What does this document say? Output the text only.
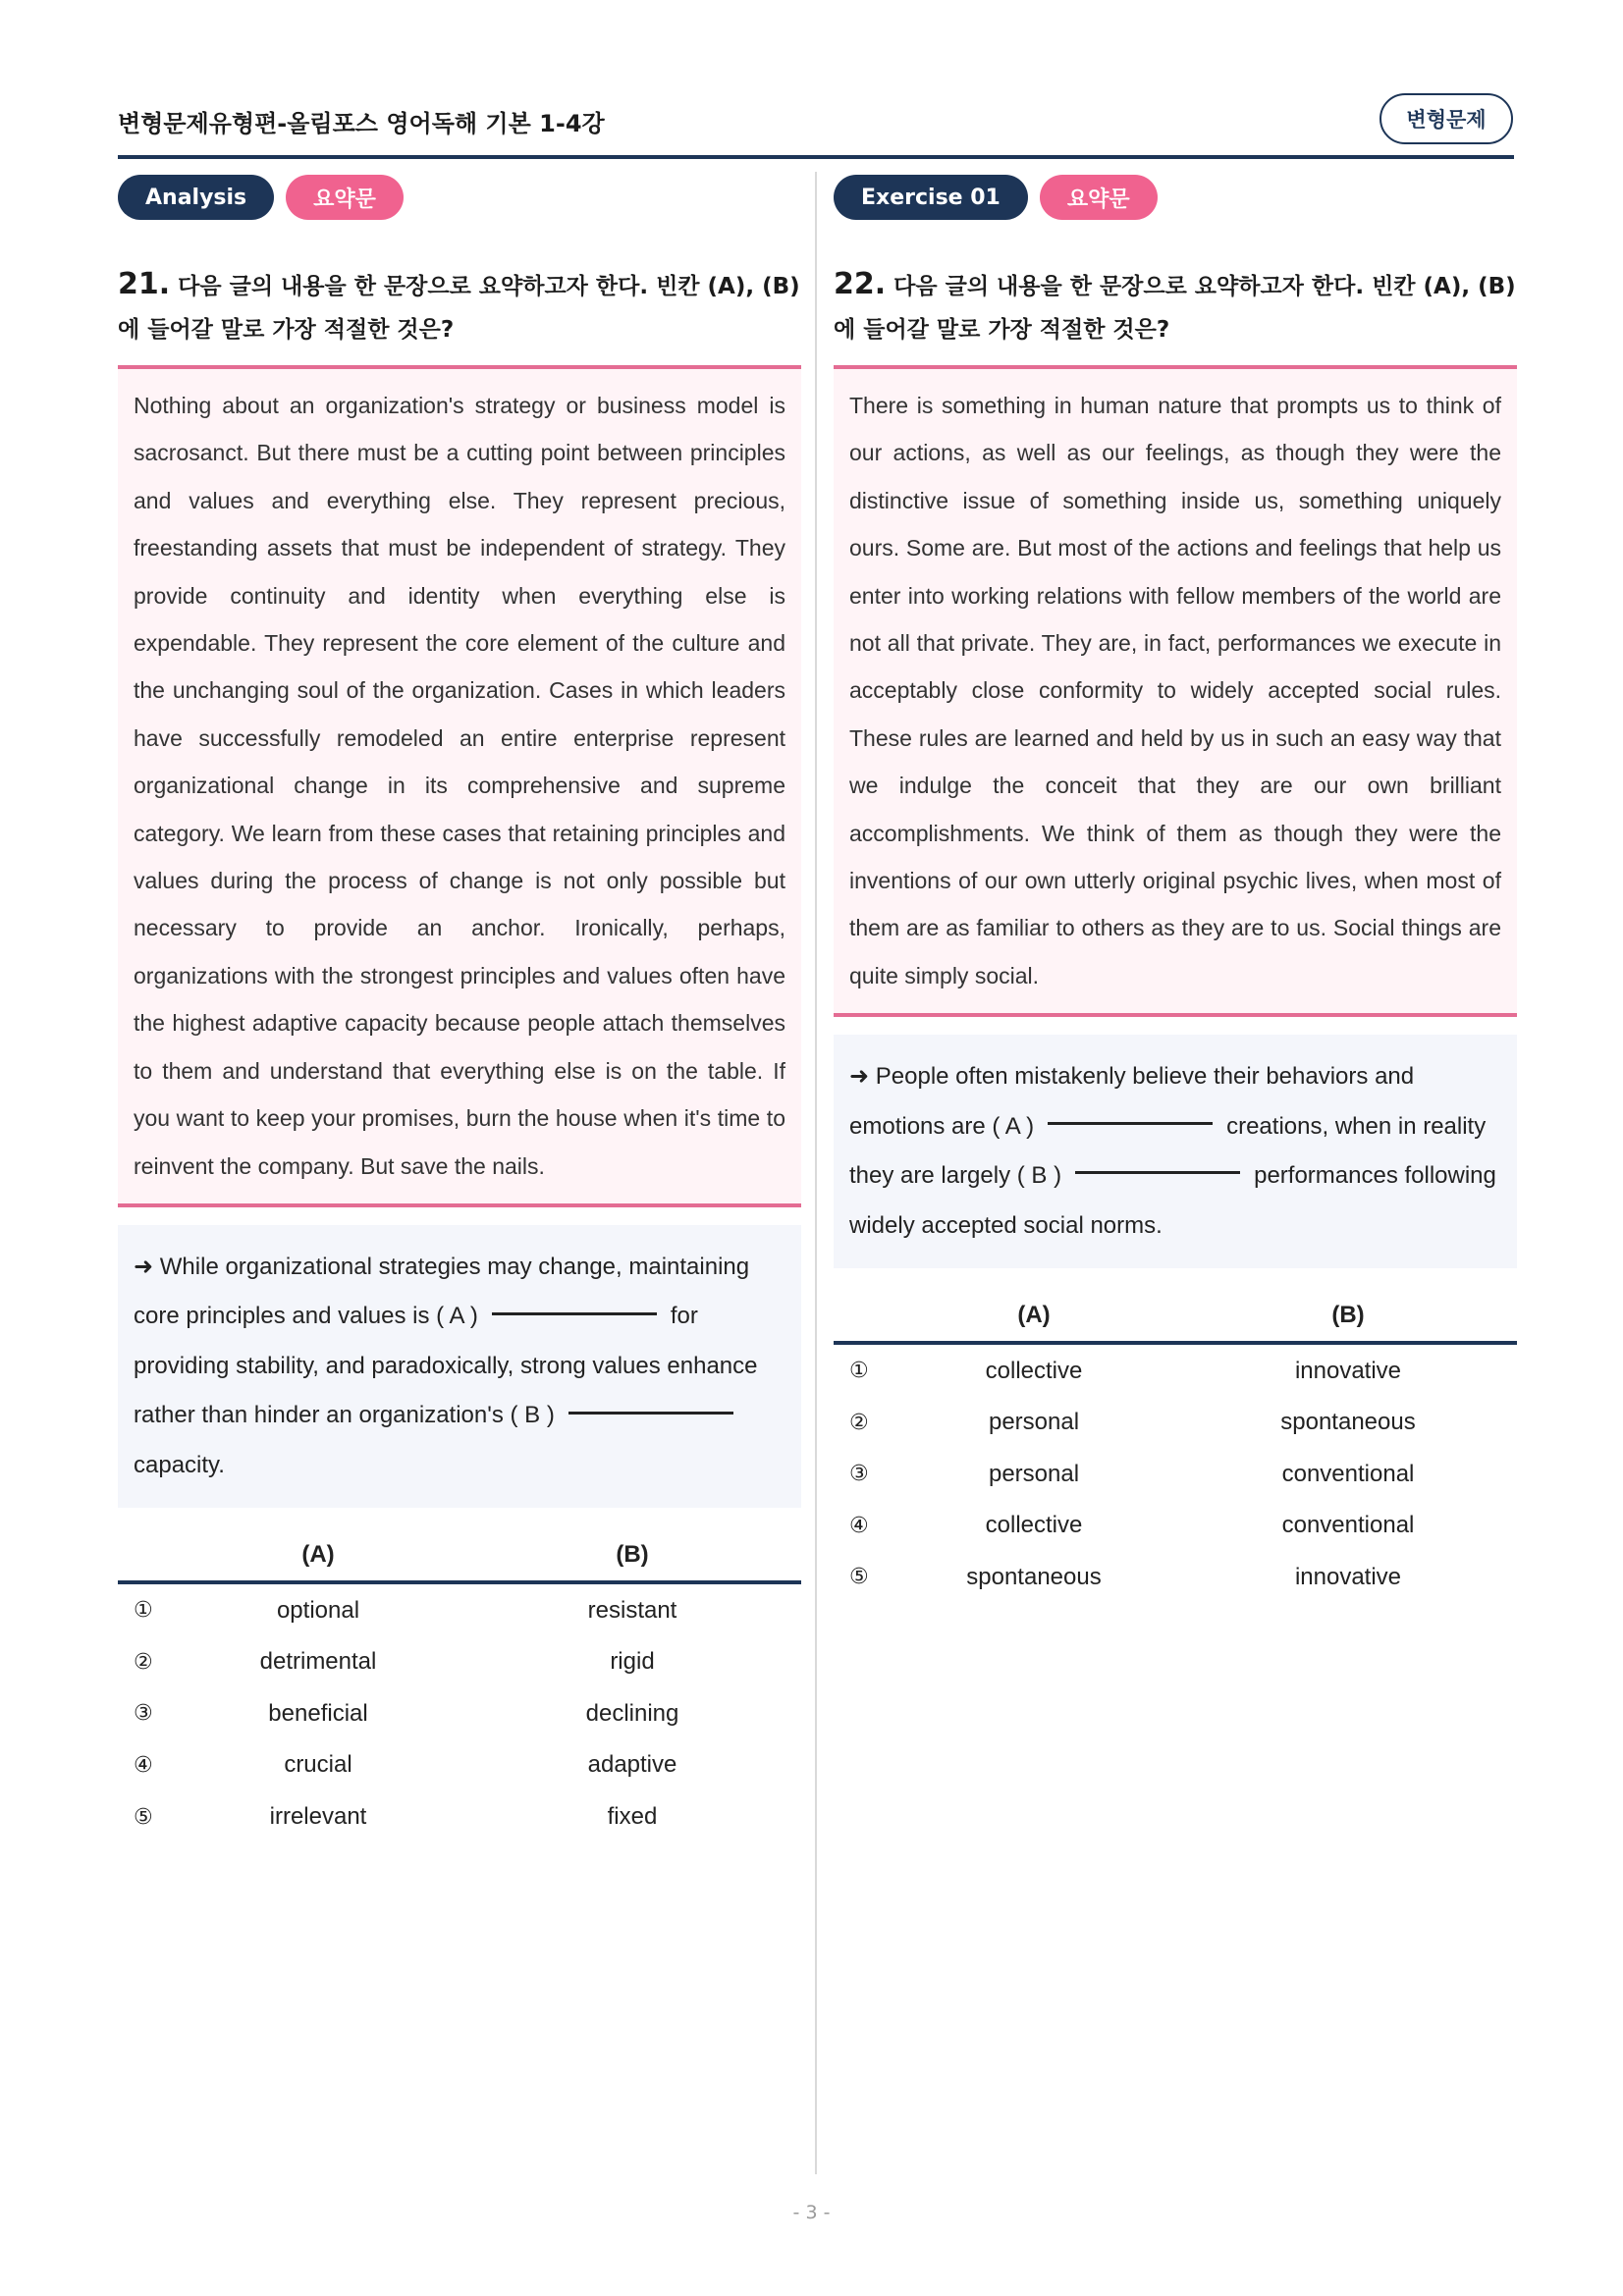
변형문제유형편-올림포스 영어독해 기본 1-4강	변형문제
Analysis	요약문
21. 다음 글의 내용을 한 문장으로 요약하고자 한다. 빈칸 (A), (B)에 들어갈 말로 가장 적절한 것은?
Nothing about an organization's strategy or business model is sacrosanct. But there must be a cutting point between principles and values and everything else. They represent precious, freestanding assets that must be independent of strategy. They provide continuity and identity when everything else is expendable. They represent the core element of the culture and the unchanging soul of the organization. Cases in which leaders have successfully remodeled an entire enterprise represent organizational change in its comprehensive and supreme category. We learn from these cases that retaining principles and values during the process of change is not only possible but necessary to provide an anchor. Ironically, perhaps, organizations with the strongest principles and values often have the highest adaptive capacity because people attach themselves to them and understand that everything else is on the table. If you want to keep your promises, burn the house when it's time to reinvent the company. But save the nails.
➜ While organizational strategies may change, maintaining core principles and values is ( A )	for providing stability, and paradoxically, strong values enhance rather than hinder an organization's ( B )capacity.
(A)	(B)
①	optional	resistant
②	detrimental	rigid
③	beneficial	declining
④	crucial	adaptive
⑤	irrelevant	fixed
Exercise 01	요약문
22. 다음 글의 내용을 한 문장으로 요약하고자 한다. 빈칸 (A), (B)에 들어갈 말로 가장 적절한 것은?
There is something in human nature that prompts us to think of our actions, as well as our feelings, as though they were the distinctive issue of something inside us, something uniquely ours. Some are. But most of the actions and feelings that help us enter into working relations with fellow members of the world are not all that private. They are, in fact, performances we execute in acceptably close conformity to widely accepted social rules. These rules are learned and held by us in such an easy way that we indulge the conceit that they are our own brilliant accomplishments. We think of them as though they were the inventions of our own utterly original psychic lives, when most of them are as familiar to others as they are to us. Social things are quite simply social.
➜ People often mistakenly believe their behaviors and emotions are ( A )	creations, when in reality they are largely ( B )	performances following widely accepted social norms.
(A)	(B)
①	collective	innovative
②	personal	spontaneous
③	personal	conventional
④	collective	conventional
⑤	spontaneous	innovative
- 3 -
